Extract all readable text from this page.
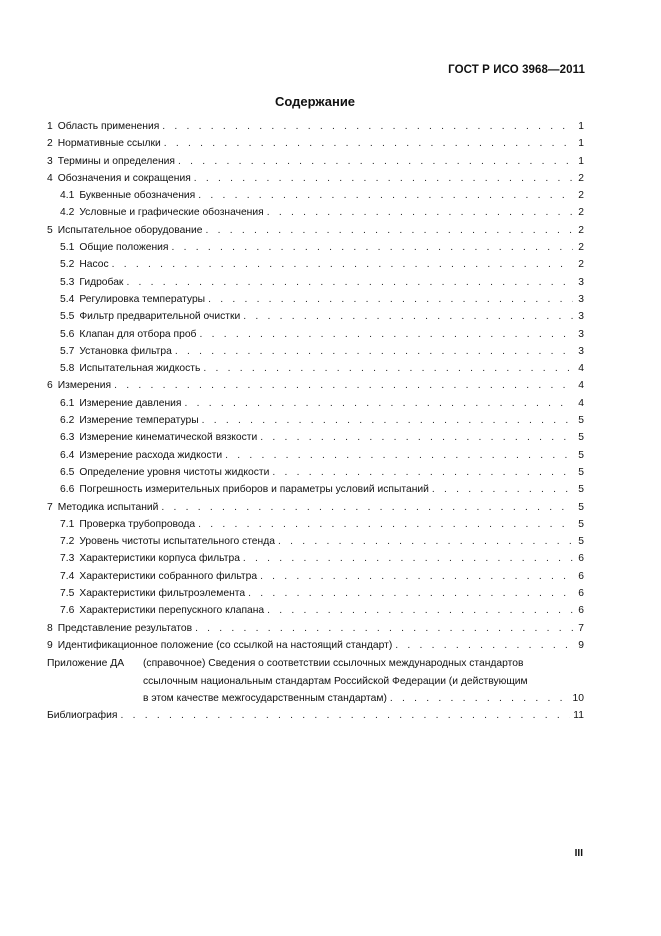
ГОСТ Р ИСО 3968—2011
Содержание
1 Область применения . . .	1
2 Нормативные ссылки . . .	1
3 Термины и определения . . .	1
4 Обозначения и сокращения . . .	2
4.1 Буквенные обозначения . . .	2
4.2 Условные и графические обозначения . . .	2
5 Испытательное оборудование . . .	2
5.1 Общие положения . . .	2
5.2 Насос . . .	2
5.3 Гидробак . . .	3
5.4 Регулировка температуры . . .	3
5.5 Фильтр предварительной очистки . . .	3
5.6 Клапан для отбора проб . . .	3
5.7 Установка фильтра . . .	3
5.8 Испытательная жидкость . . .	4
6 Измерения . . .	4
6.1 Измерение давления . . .	4
6.2 Измерение температуры . . .	5
6.3 Измерение кинематической вязкости . . .	5
6.4 Измерение расхода жидкости . . .	5
6.5 Определение уровня чистоты жидкости . . .	5
6.6 Погрешность измерительных приборов и параметры условий испытаний . . .	5
7 Методика испытаний . . .	5
7.1 Проверка трубопровода . . .	5
7.2 Уровень чистоты испытательного стенда . . .	5
7.3 Характеристики корпуса фильтра . . .	6
7.4 Характеристики собранного фильтра . . .	6
7.5 Характеристики фильтроэлемента . . .	6
7.6 Характеристики перепускного клапана . . .	6
8 Представление результатов . . .	7
9 Идентификационное положение (со ссылкой на настоящий стандарт) . . .	9
Приложение ДА	(справочное) Сведения о соответствии ссылочных международных стандартов
ссылочным национальным стандартам Российской Федерации (и действующим
в этом качестве межгосударственным стандартам) . . .	10
Библиография . . .	11
III
